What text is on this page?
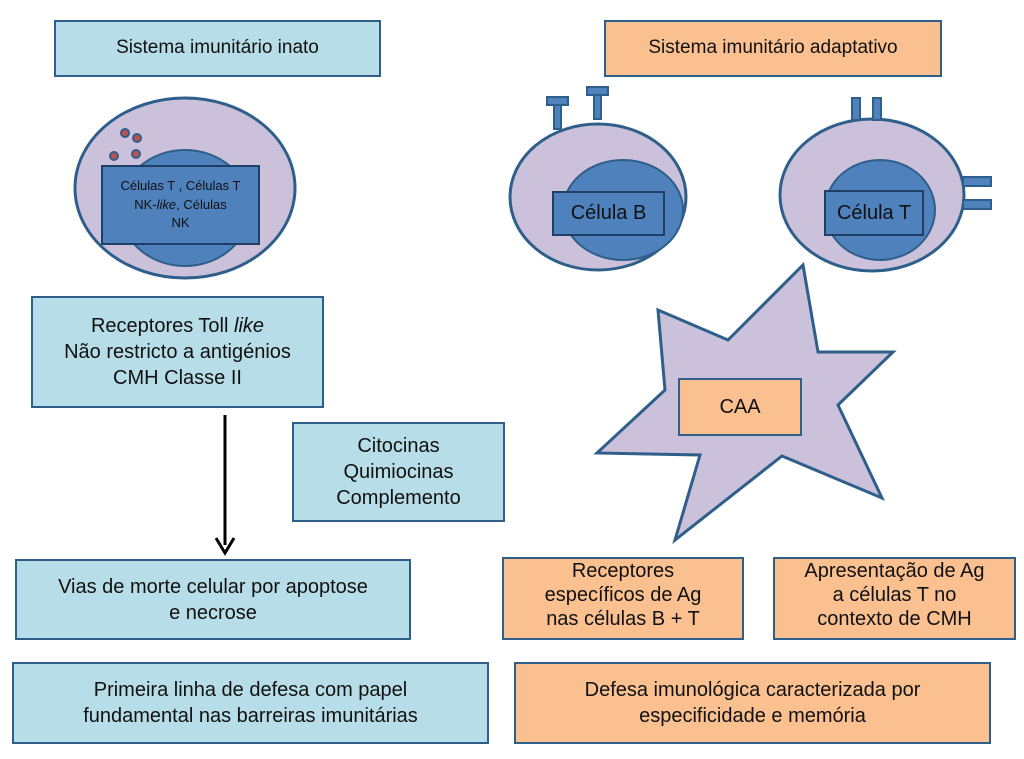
Sistema imunitário inato
Células T , Células T
NK-like, Células
NK
Receptores Toll like
Não restricto a antigénios
CMH Classe II
Citocinas
Quimiocinas
Complemento
Vias de morte celular por apoptose
e necrose
Primeira linha de defesa com papel
fundamental nas barreiras imunitárias
Sistema imunitário adaptativo
Célula B	Célula T
CAA
Receptores
específicos de Ag
nas células B + T
Apresentação de Ag
a células T no
contexto de CMH
Defesa imunológica caracterizada por
especificidade e memória
